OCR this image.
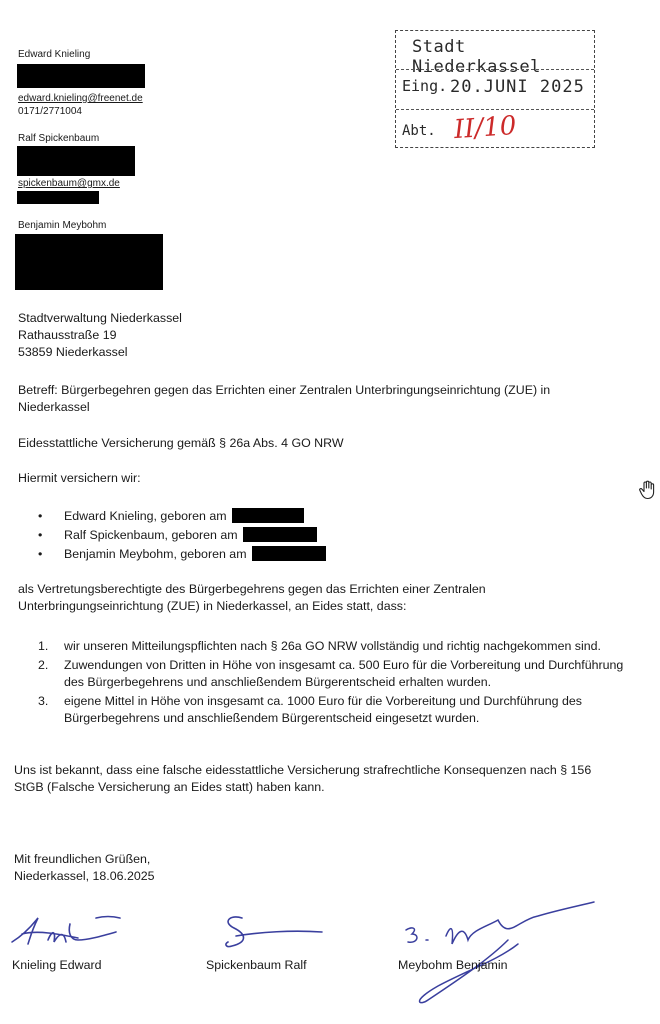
Edward Knieling
edward.knieling@freenet.de
0171/2771004
Ralf Spickenbaum
spickenbaum@gmx.de
Benjamin Meybohm
Stadt Niederkassel
Eing. 20.JUNI 2025
Abt. II/10
Stadtverwaltung Niederkassel
Rathausstraße 19
53859 Niederkassel
Betreff: Bürgerbegehren gegen das Errichten einer Zentralen Unterbringungseinrichtung (ZUE) in Niederkassel
Eidesstattliche Versicherung gemäß § 26a Abs. 4 GO NRW
Hiermit versichern wir:
• Edward Knieling, geboren am
• Ralf Spickenbaum, geboren am
• Benjamin Meybohm, geboren am
als Vertretungsberechtigte des Bürgerbegehrens gegen das Errichten einer Zentralen Unterbringungseinrichtung (ZUE) in Niederkassel, an Eides statt, dass:
1. wir unseren Mitteilungspflichten nach § 26a GO NRW vollständig und richtig nachgekommen sind.
2. Zuwendungen von Dritten in Höhe von insgesamt ca. 500 Euro für die Vorbereitung und Durchführung des Bürgerbegehrens und anschließendem Bürgerentscheid erhalten wurden.
3. eigene Mittel in Höhe von insgesamt ca. 1000 Euro für die Vorbereitung und Durchführung des Bürgerbegehrens und anschließendem Bürgerentscheid eingesetzt wurden.
Uns ist bekannt, dass eine falsche eidesstattliche Versicherung strafrechtliche Konsequenzen nach § 156 StGB (Falsche Versicherung an Eides statt) haben kann.
Mit freundlichen Grüßen,
Niederkassel, 18.06.2025
Knieling Edward	Spickenbaum Ralf	Meybohm Benjamin
